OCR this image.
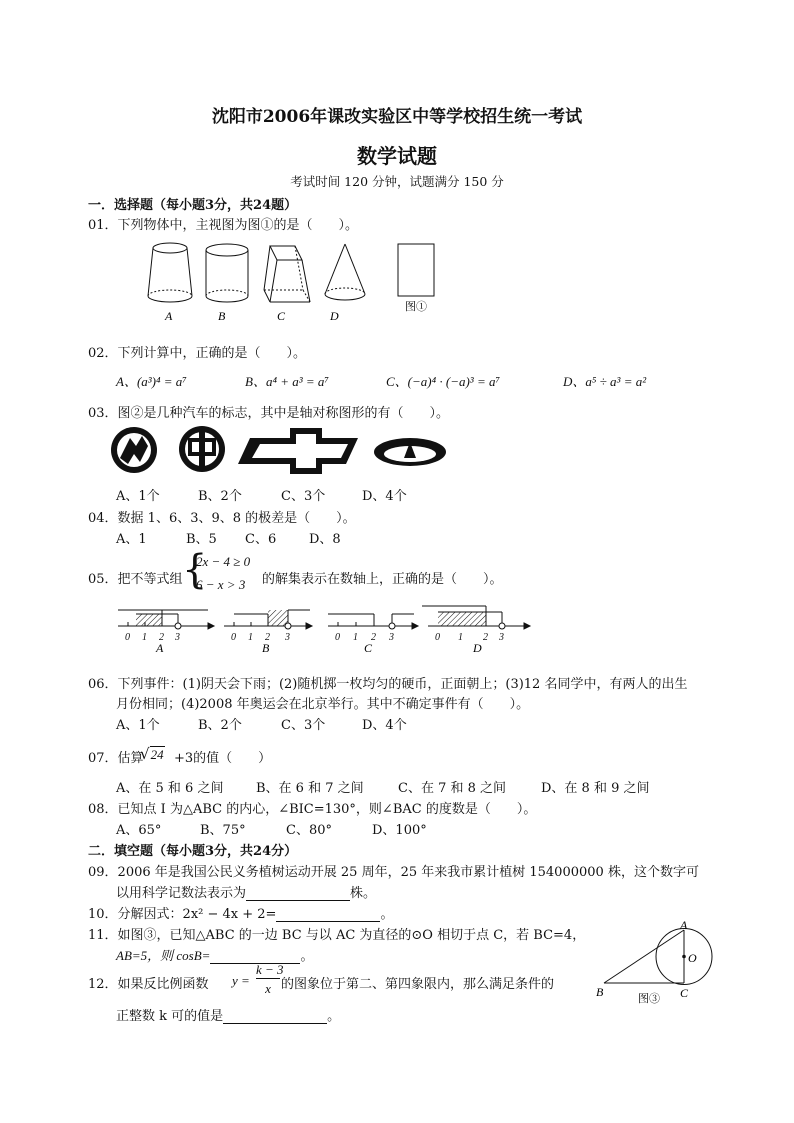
沈阳市2006年课改实验区中等学校招生统一考试
数学试题
考试时间 120 分钟，试题满分 150 分
一．选择题（每小题3分，共24题）
01．下列物体中，主视图为图①的是（　　）。
A	B	C	D
图①
02．下列计算中，正确的是（　　）。
A、(a³)⁴ = a⁷	B、a⁴ + a³ = a⁷	C、(−a)⁴ · (−a)³ = a⁷	D、a⁵ ÷ a³ = a²
03．图②是几种汽车的标志，其中是轴对称图形的有（　　）。
A、1个	B、2个	C、3个	D、4个
04．数据 1、6、3、9、8 的极差是（　　）。
A、1	B、5 C、6	D、8
05．把不等式组 {
2x − 4 ≥ 0
6 − x > 3 的解集表示在数轴上，正确的是（　　）。
0 1 2 3	0 1 2 3	0 1 2 3	0 1 2 3
A	B	C	D
06．下列事件：(1)阴天会下雨；(2)随机掷一枚均匀的硬币，正面朝上；(3)12 名同学中，有两人的出生
月份相同；(4)2008 年奥运会在北京举行。其中不确定事件有（　　）。
A、1个	B、2个	C、3个	D、4个
07．估算
√24 +3的值（　　）
A、在 5 和 6 之间	B、在 6 和 7 之间	C、在 7 和 8 之间	D、在 8 和 9 之间
08．已知点 I 为△ABC 的内心，∠BIC=130°，则∠BAC 的度数是（　　）。
A、65°	B、75°	C、80°	D、100°
二．填空题（每小题3分，共24分）
09．2006 年是我国公民义务植树运动开展 25 周年，25 年来我市累计植树 154000000 株，这个数字可
以用科学记数法表示为	株。
10．分解因式：2x² − 4x + 2=	。
11．如图③，已知△ABC 的一边 BC 与以 AC 为直径的⊙O 相切于点 C，若 BC=4，
AB=5，则 cosB=	。
12．如果反比例函数 y =
k − 3
x 的图象位于第二、第四象限内，那么满足条件的
正整数 k 可的值是	。
A
O
B	C
图③
